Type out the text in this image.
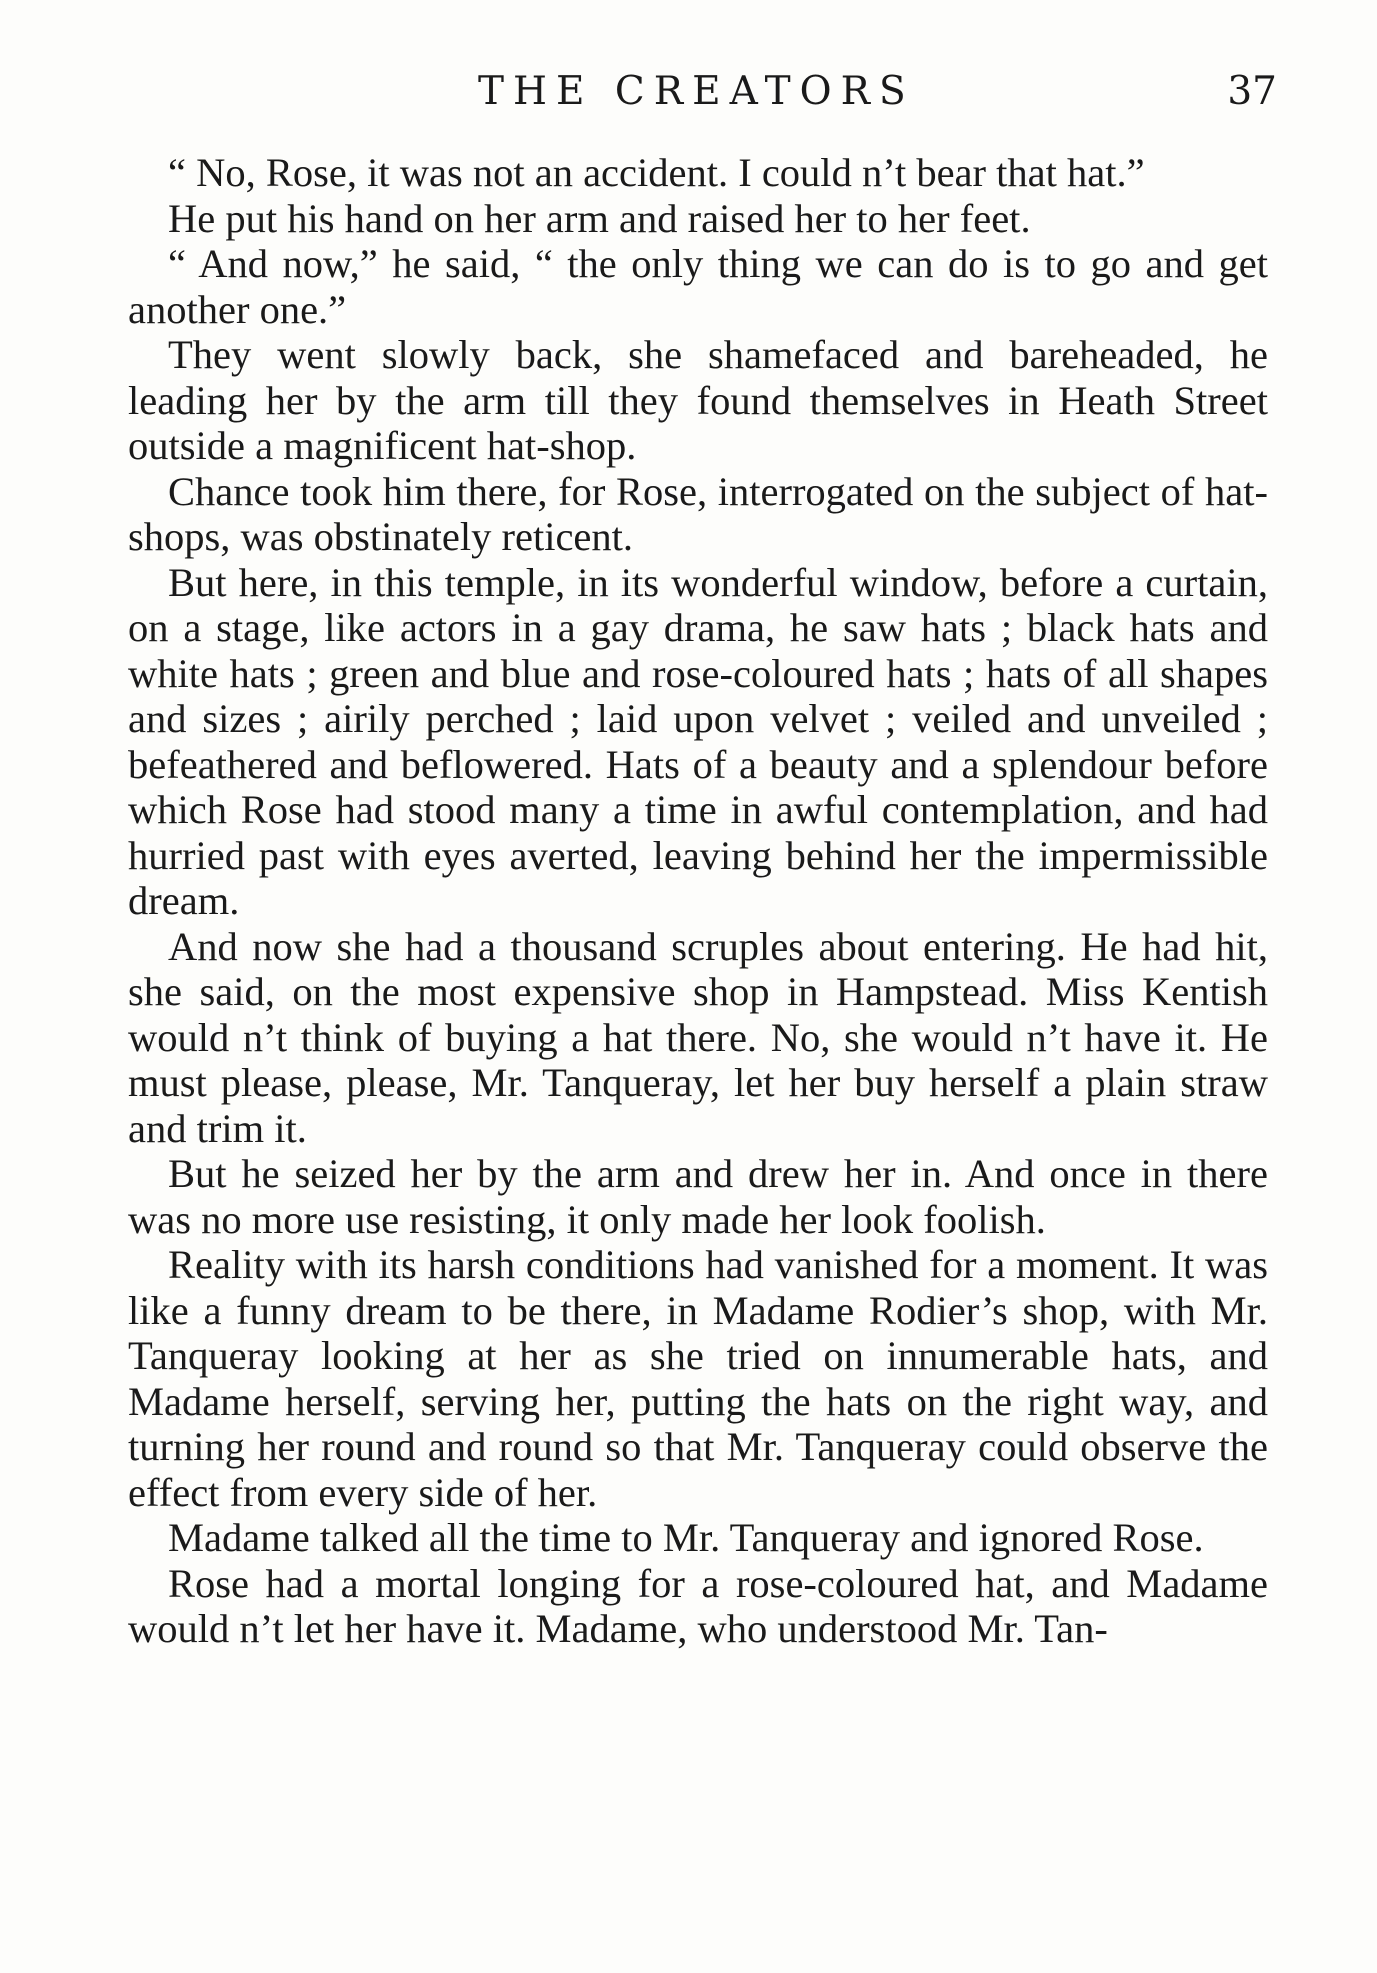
THE CREATORS	37

“ No, Rose, it was not an accident. I could n’t bear that hat.”

He put his hand on her arm and raised her to her feet.

“ And now,” he said, “ the only thing we can do is to go and get another one.”

They went slowly back, she shamefaced and bareheaded, he leading her by the arm till they found themselves in Heath Street outside a magnificent hat-shop.

Chance took him there, for Rose, interrogated on the subject of hat-shops, was obstinately reticent.

But here, in this temple, in its wonderful window, before a curtain, on a stage, like actors in a gay drama, he saw hats ; black hats and white hats ; green and blue and rose-coloured hats ; hats of all shapes and sizes ; airily perched ; laid upon velvet ; veiled and unveiled ; befeathered and beflowered. Hats of a beauty and a splendour before which Rose had stood many a time in awful contemplation, and had hurried past with eyes averted, leaving behind her the impermissible dream.

And now she had a thousand scruples about entering. He had hit, she said, on the most expensive shop in Hampstead. Miss Kentish would n’t think of buying a hat there. No, she would n’t have it. He must please, please, Mr. Tanqueray, let her buy herself a plain straw and trim it.

But he seized her by the arm and drew her in. And once in there was no more use resisting, it only made her look foolish.

Reality with its harsh conditions had vanished for a moment. It was like a funny dream to be there, in Madame Rodier’s shop, with Mr. Tanqueray looking at her as she tried on innumerable hats, and Madame herself, serving her, putting the hats on the right way, and turning her round and round so that Mr. Tanqueray could observe the effect from every side of her.

Madame talked all the time to Mr. Tanqueray and ignored Rose.

Rose had a mortal longing for a rose-coloured hat, and Madame would n’t let her have it. Madame, who understood Mr. Tan-
